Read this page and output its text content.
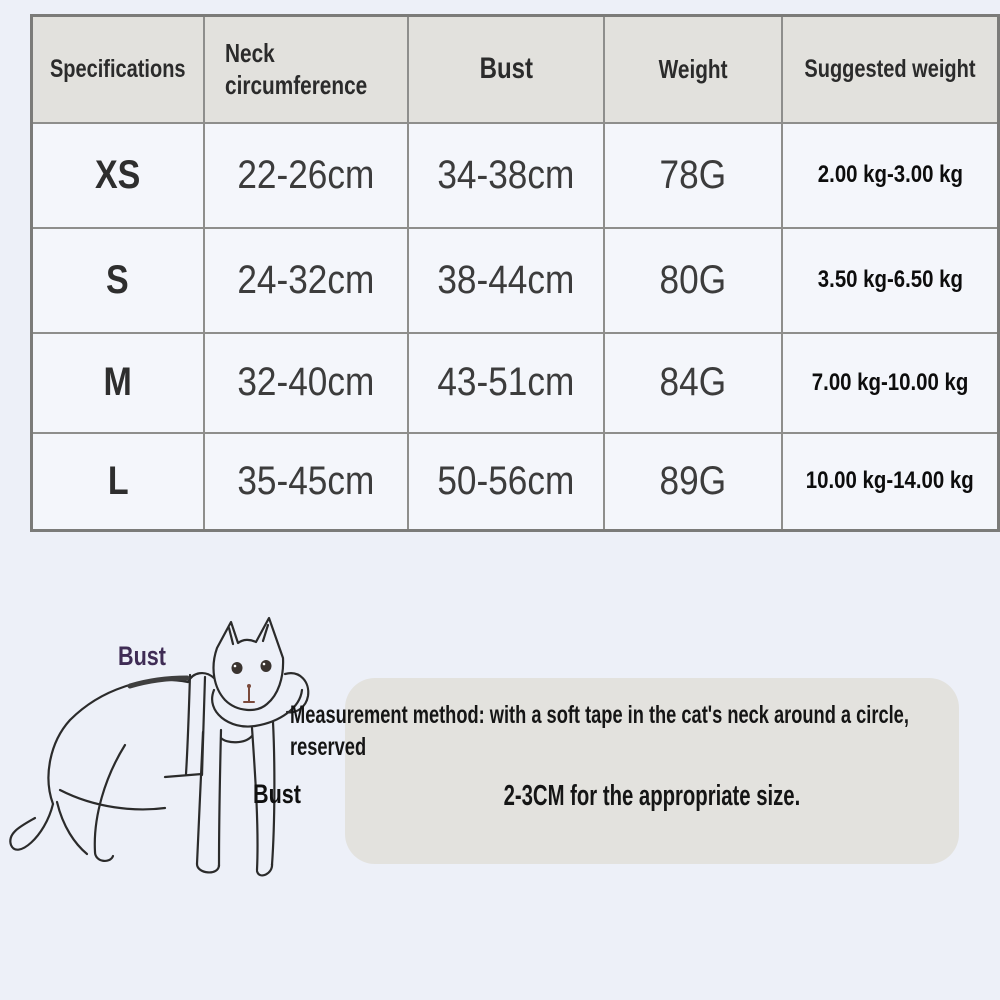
Specifications	Neck circumference	Bust	Weight	Suggested weight
XS	22-26cm	34-38cm	78G	2.00 kg-3.00 kg
S	24-32cm	38-44cm	80G	3.50 kg-6.50 kg
M	32-40cm	43-51cm	84G	7.00 kg-10.00 kg
L	35-45cm	50-56cm	89G	10.00 kg-14.00 kg
Bust
Bust
Measurement method: with a soft tape in the cat's neck around a circle,
reserved
2-3CM for the appropriate size.
